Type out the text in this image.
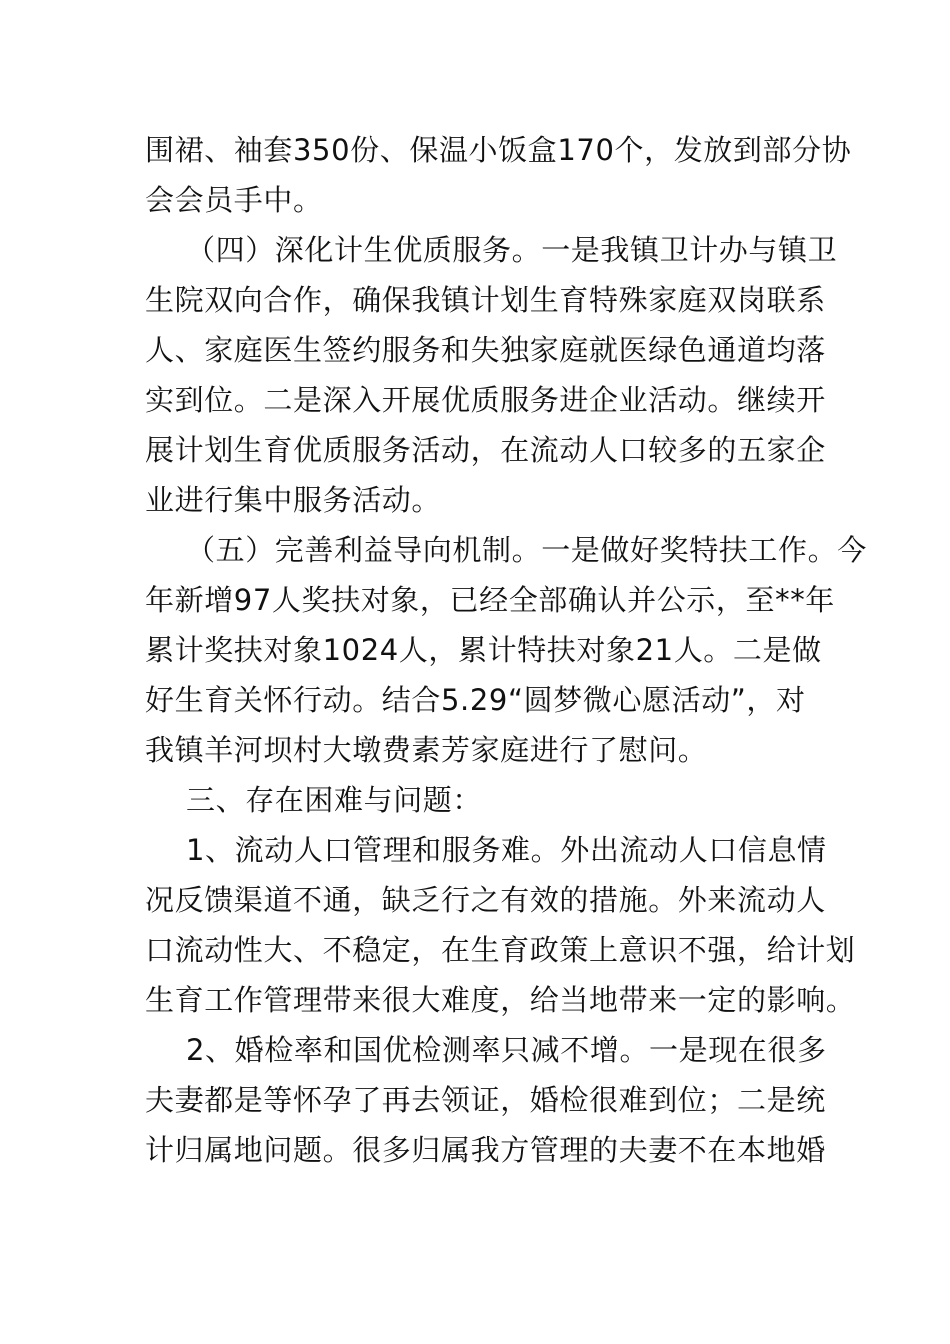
围裙、袖套350份、保温小饭盒170个，发放到部分协
会会员手中。
（四）深化计生优质服务。一是我镇卫计办与镇卫
生院双向合作，确保我镇计划生育特殊家庭双岗联系
人、家庭医生签约服务和失独家庭就医绿色通道均落
实到位。二是深入开展优质服务进企业活动。继续开
展计划生育优质服务活动，在流动人口较多的五家企
业进行集中服务活动。
（五）完善利益导向机制。一是做好奖特扶工作。今
年新增97人奖扶对象，已经全部确认并公示，至**年
累计奖扶对象1024人，累计特扶对象21人。二是做
好生育关怀行动。结合5.29“圆梦微心愿活动”，对
我镇羊河坝村大墩费素芳家庭进行了慰问。
三、存在困难与问题：
1、流动人口管理和服务难。外出流动人口信息情
况反馈渠道不通，缺乏行之有效的措施。外来流动人
口流动性大、不稳定，在生育政策上意识不强，给计划
生育工作管理带来很大难度，给当地带来一定的影响。
2、婚检率和国优检测率只减不增。一是现在很多
夫妻都是等怀孕了再去领证，婚检很难到位；二是统
计归属地问题。很多归属我方管理的夫妻不在本地婚
